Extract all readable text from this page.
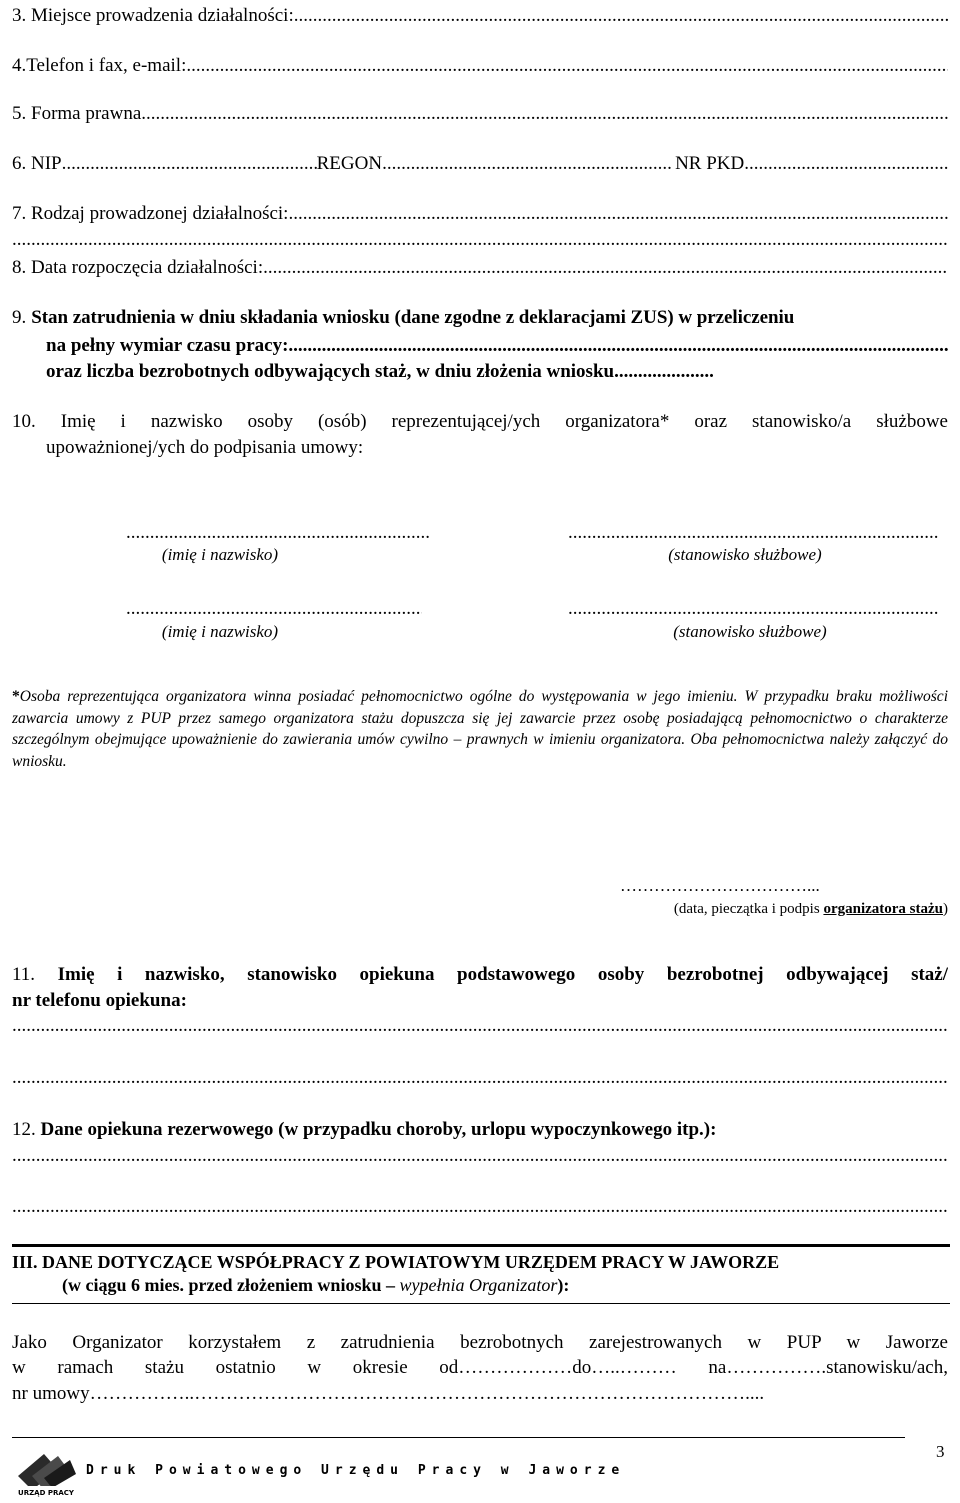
3. Miejsce prowadzenia działalności:
.....
4.Telefon i fax, e-mail:
.....
5. Forma prawna
.....
6. NIP .....	REGON .....	NR PKD
.....
7. Rodzaj prowadzonej działalności:
.....
.....
8. Data rozpoczęcia działalności:
.....
9. Stan zatrudnienia w dniu składania wniosku (dane zgodne z deklaracjami ZUS) w przeliczeniu
na pełny wymiar czasu pracy:
.....
oraz liczba bezrobotnych odbywających staż, w dniu złożenia wniosku
.....
10. Imię i nazwisko osoby (osób) reprezentującej/ych organizatora* oraz stanowisko/a służbowe
upoważnionej/ych do podpisania umowy:
.....
.....
(imię i nazwisko)	(stanowisko służbowe)
.....
.....
(imię i nazwisko)	(stanowisko służbowe)
*Osoba reprezentująca organizatora winna posiadać pełnomocnictwo ogólne do występowania w jego imieniu. W przypadku braku możliwości zawarcia umowy z PUP przez samego organizatora stażu dopuszcza się jej zawarcie przez osobę posiadającą pełnomocnictwo o charakterze szczególnym obejmujące upoważnienie do zawierania umów cywilno – prawnych w imieniu organizatora. Oba pełnomocnictwa należy załączyć do wniosku.
……………………………...
(data, pieczątka i podpis organizatora stażu)
11. Imię i nazwisko, stanowisko opiekuna podstawowego osoby bezrobotnej odbywającej staż/
nr telefonu opiekuna:
.....
.....
12. Dane opiekuna rezerwowego (w przypadku choroby, urlopu wypoczynkowego itp.):
.....
.....
III. DANE DOTYCZĄCE WSPÓŁPRACY Z POWIATOWYM URZĘDEM PRACY W JAWORZE
(w ciągu 6 mies. przed złożeniem wniosku – wypełnia Organizator):
Jako Organizator korzystałem z zatrudnienia bezrobotnych zarejestrowanych w PUP w Jaworze
w ramach stażu ostatnio w okresie od………………do…..……… na…………….stanowisku/ach,
nr umowy……………..……………………………………………………………………………....
URZĄD PRACY
Druk Powiatowego Urzędu Pracy w Jaworze
3
